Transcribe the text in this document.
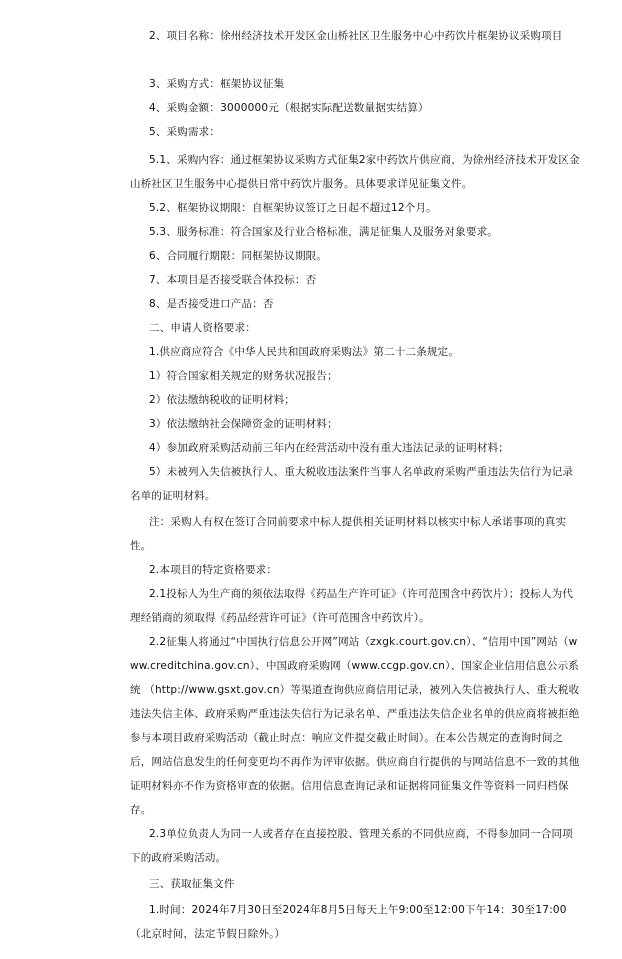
2、项目名称：徐州经济技术开发区金山桥社区卫生服务中心中药饮片框架协议采购项目

3、采购方式：框架协议征集

4、采购金额：3000000元（根据实际配送数量据实结算）

5、采购需求：

5.1、采购内容：通过框架协议采购方式征集2家中药饮片供应商，为徐州经济技术开发区金山桥社区卫生服务中心提供日常中药饮片服务。具体要求详见征集文件。

5.2、框架协议期限：自框架协议签订之日起不超过12个月。

5.3、服务标准：符合国家及行业合格标准，满足征集人及服务对象要求。

6、合同履行期限：同框架协议期限。

7、本项目是否接受联合体投标：否

8、是否接受进口产品：否

二、申请人资格要求：

1.供应商应符合《中华人民共和国政府采购法》第二十二条规定。

1）符合国家相关规定的财务状况报告；

2）依法缴纳税收的证明材料；

3）依法缴纳社会保障资金的证明材料；

4）参加政府采购活动前三年内在经营活动中没有重大违法记录的证明材料；

5）未被列入失信被执行人、重大税收违法案件当事人名单政府采购严重违法失信行为记录名单的证明材料。

注：采购人有权在签订合同前要求中标人提供相关证明材料以核实中标人承诺事项的真实性。

2.本项目的特定资格要求：

2.1投标人为生产商的须依法取得《药品生产许可证》（许可范围含中药饮片）；投标人为代理经销商的须取得《药品经营许可证》（许可范围含中药饮片）。

2.2征集人将通过“中国执行信息公开网”网站（zxgk.court.gov.cn）、“信用中国”网站（www.creditchina.gov.cn）、中国政府采购网（www.ccgp.gov.cn）、国家企业信用信息公示系统 （http://www.gsxt.gov.cn）等渠道查询供应商信用记录，被列入失信被执行人、重大税收违法失信主体、政府采购严重违法失信行为记录名单、严重违法失信企业名单的供应商将被拒绝参与本项目政府采购活动（截止时点：响应文件提交截止时间）。在本公告规定的查询时间之后，网站信息发生的任何变更均不再作为评审依据。供应商自行提供的与网站信息不一致的其他证明材料亦不作为资格审查的依据。信用信息查询记录和证据将同征集文件等资料一同归档保存。

2.3单位负责人为同一人或者存在直接控股、管理关系的不同供应商，不得参加同一合同项下的政府采购活动。

三、获取征集文件

1.时间：2024年7月30日至2024年8月5日每天上午9:00至12:00下午14：30至17:00（北京时间，法定节假日除外。）
